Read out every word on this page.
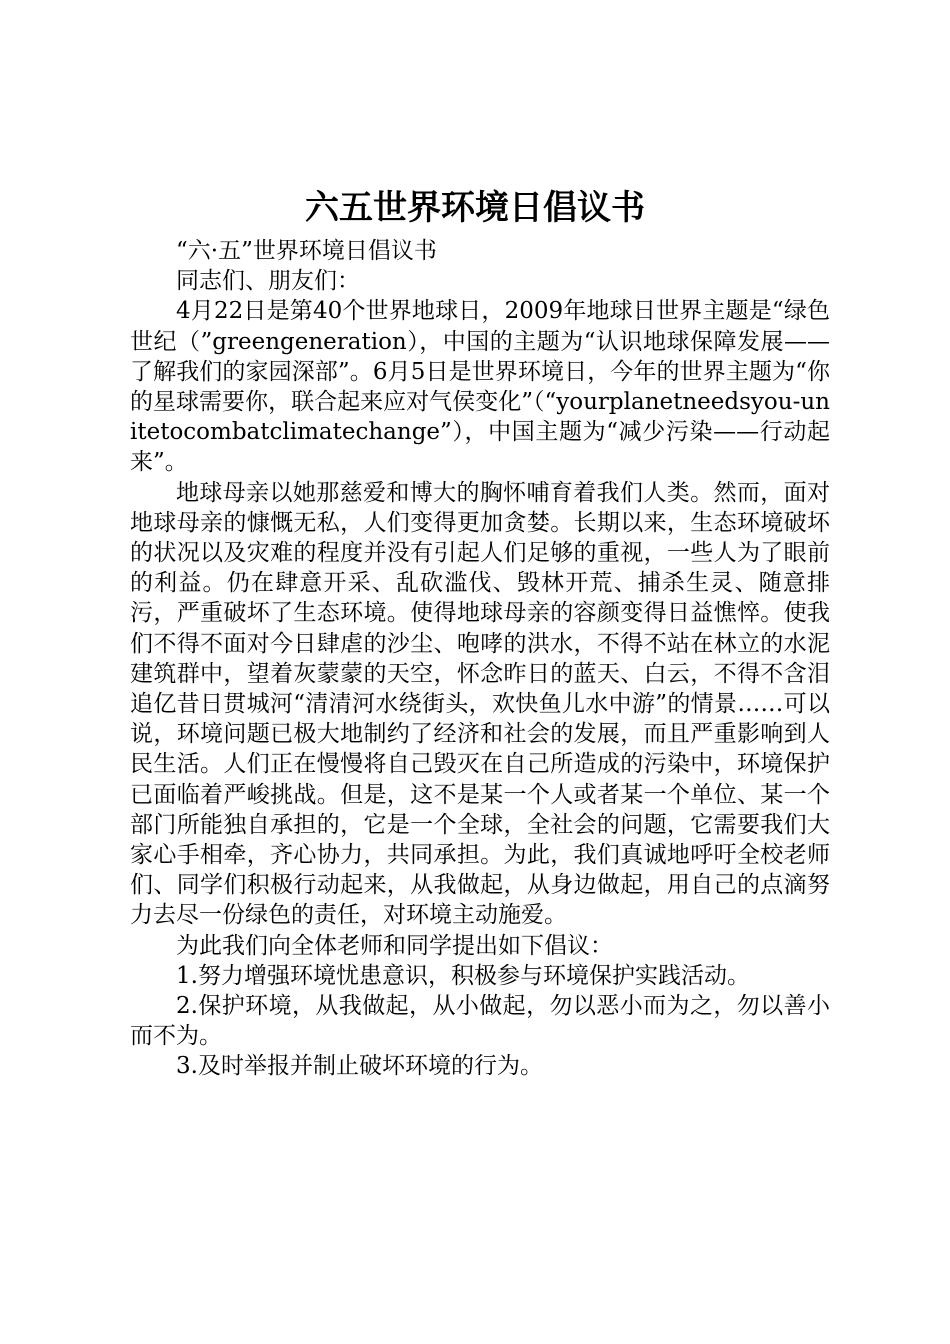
六五世界环境日倡议书

“六·五”世界环境日倡议书

同志们、朋友们：

4月22日是第40个世界地球日，2009年地球日世界主题是“绿色世纪（”greengeneration），中国的主题为“认识地球保障发展——了解我们的家园深部”。6月5日是世界环境日，今年的世界主题为“你的星球需要你，联合起来应对气侯变化”（“yourplanetneedsyou-unitetocombatclimatechange”），中国主题为“减少污染——行动起来”。

地球母亲以她那慈爱和博大的胸怀哺育着我们人类。然而，面对地球母亲的慷慨无私，人们变得更加贪婪。长期以来，生态环境破坏的状况以及灾难的程度并没有引起人们足够的重视，一些人为了眼前的利益。仍在肆意开采、乱砍滥伐、毁林开荒、捕杀生灵、随意排污，严重破坏了生态环境。使得地球母亲的容颜变得日益憔悴。使我们不得不面对今日肆虐的沙尘、咆哮的洪水，不得不站在林立的水泥建筑群中，望着灰蒙蒙的天空，怀念昨日的蓝天、白云，不得不含泪追亿昔日贯城河“清清河水绕街头，欢快鱼儿水中游”的情景……可以说，环境问题已极大地制约了经济和社会的发展，而且严重影响到人民生活。人们正在慢慢将自己毁灭在自己所造成的污染中，环境保护已面临着严峻挑战。但是，这不是某一个人或者某一个单位、某一个部门所能独自承担的，它是一个全球，全社会的问题，它需要我们大家心手相牵，齐心协力，共同承担。为此，我们真诚地呼吁全校老师们、同学们积极行动起来，从我做起，从身边做起，用自己的点滴努力去尽一份绿色的责任，对环境主动施爱。

为此我们向全体老师和同学提出如下倡议：

1.努力增强环境忧患意识，积极参与环境保护实践活动。

2.保护环境，从我做起，从小做起，勿以恶小而为之，勿以善小而不为。

3.及时举报并制止破坏环境的行为。
